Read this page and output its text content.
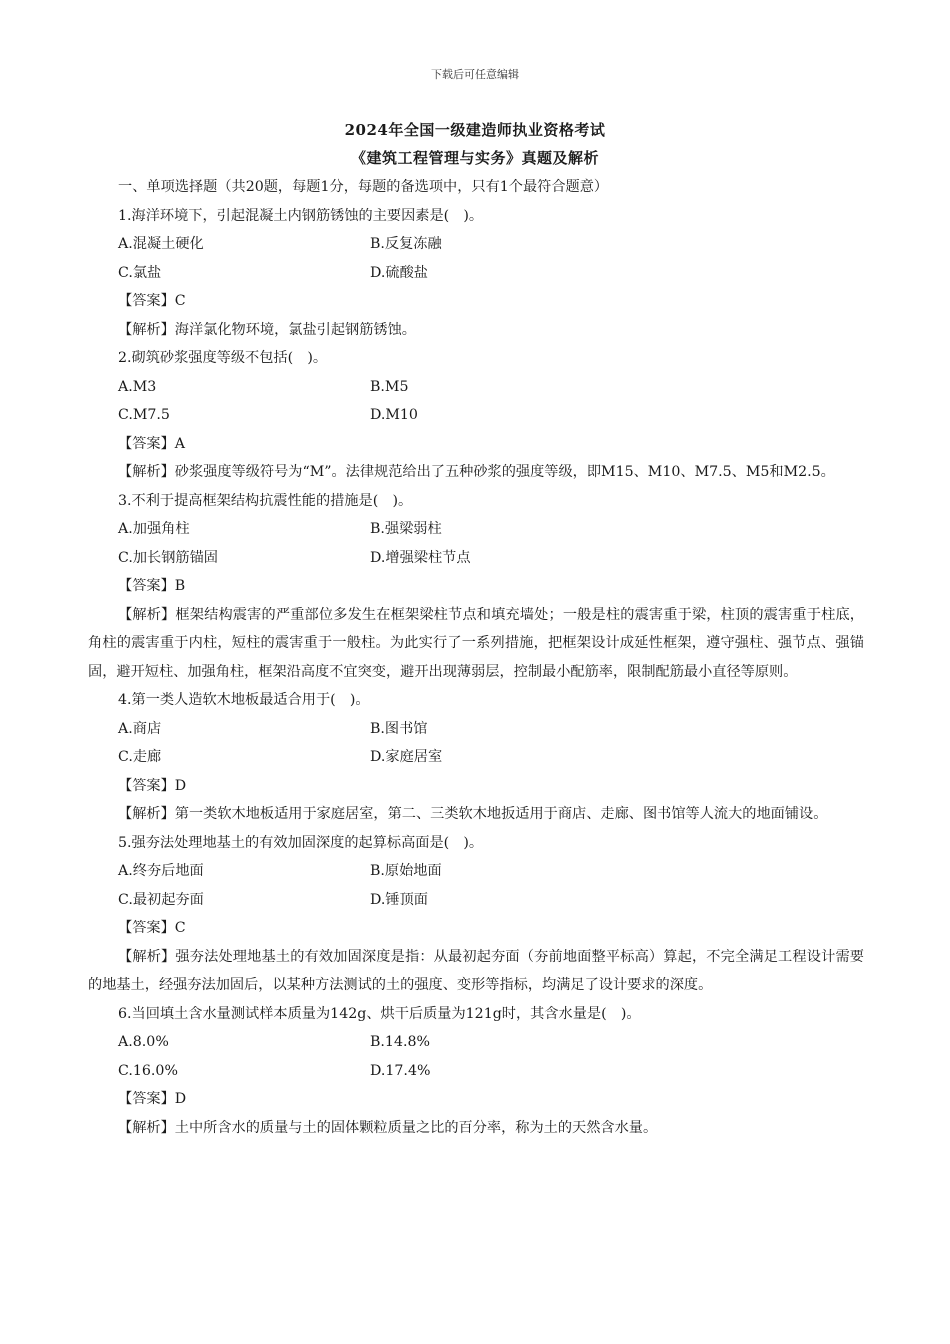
下载后可任意编辑
2024年全国一级建造师执业资格考试
《建筑工程管理与实务》真题及解析
一、单项选择题（共20题，每题1分，每题的备选项中，只有1个最符合题意）
1.海洋环境下，引起混凝土内钢筋锈蚀的主要因素是(　)。
A.混凝土硬化	B.反复冻融
C.氯盐	D.硫酸盐
【答案】C
【解析】海洋氯化物环境，氯盐引起钢筋锈蚀。
2.砌筑砂浆强度等级不包括(　)。
A.M3	B.M5
C.M7.5	D.M10
【答案】A
【解析】砂浆强度等级符号为“M”。法律规范给出了五种砂浆的强度等级，即M15、M10、M7.5、M5和M2.5。
3.不利于提高框架结构抗震性能的措施是(　)。
A.加强角柱	B.强梁弱柱
C.加长钢筋锚固	D.增强梁柱节点
【答案】B
【解析】框架结构震害的严重部位多发生在框架梁柱节点和填充墙处；一般是柱的震害重于梁，柱顶的震害重于柱底，角柱的震害重于内柱，短柱的震害重于一般柱。为此实行了一系列措施，把框架设计成延性框架，遵守强柱、强节点、强锚固，避开短柱、加强角柱，框架沿高度不宜突变，避开出现薄弱层，控制最小配筋率，限制配筋最小直径等原则。
4.第一类人造软木地板最适合用于(　)。
A.商店	B.图书馆
C.走廊	D.家庭居室
【答案】D
【解析】第一类软木地板适用于家庭居室，第二、三类软木地扳适用于商店、走廊、图书馆等人流大的地面铺设。
5.强夯法处理地基土的有效加固深度的起算标高面是(　)。
A.终夯后地面	B.原始地面
C.最初起夯面	D.锤顶面
【答案】C
【解析】强夯法处理地基土的有效加固深度是指：从最初起夯面（夯前地面整平标高）算起，不完全满足工程设计需要的地基土，经强夯法加固后，以某种方法测试的土的强度、变形等指标，均满足了设计要求的深度。
6.当回填土含水量测试样本质量为142g、烘干后质量为121g时，其含水量是(　)。
A.8.0%	B.14.8%
C.16.0%	D.17.4%
【答案】D
【解析】土中所含水的质量与土的固体颗粒质量之比的百分率，称为土的天然含水量。
